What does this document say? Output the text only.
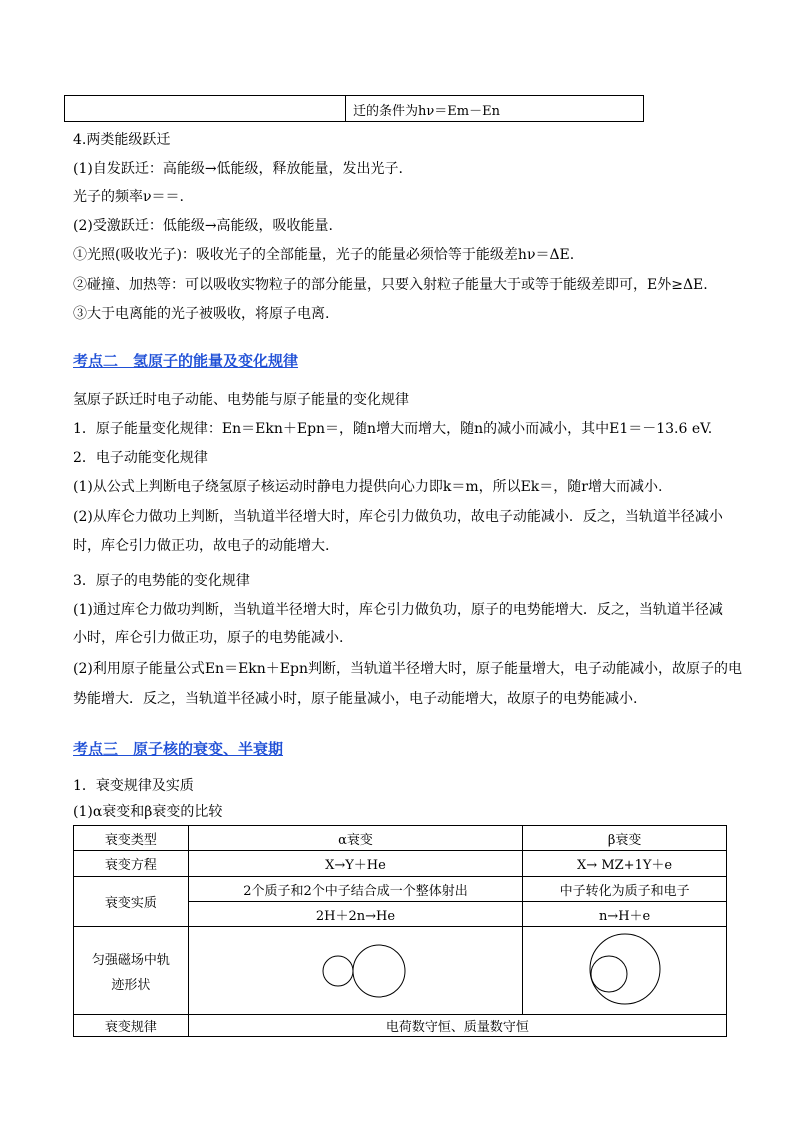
迁的条件为hν＝Em－En
4.两类能级跃迁
(1)自发跃迁：高能级→低能级，释放能量，发出光子.
光子的频率ν＝＝.
(2)受激跃迁：低能级→高能级，吸收能量.
①光照(吸收光子)：吸收光子的全部能量，光子的能量必须恰等于能级差hν＝ΔE.
②碰撞、加热等：可以吸收实物粒子的部分能量，只要入射粒子能量大于或等于能级差即可，E外≥ΔE.
③大于电离能的光子被吸收，将原子电离.
考点二　氢原子的能量及变化规律
氢原子跃迁时电子动能、电势能与原子能量的变化规律
1．原子能量变化规律：En＝Ekn＋Epn＝，随n增大而增大，随n的减小而减小，其中E1＝－13.6 eV.
2．电子动能变化规律
(1)从公式上判断电子绕氢原子核运动时静电力提供向心力即k＝m，所以Ek＝，随r增大而减小.
(2)从库仑力做功上判断，当轨道半径增大时，库仑引力做负功，故电子动能减小．反之，当轨道半径减小
时，库仑引力做正功，故电子的动能增大.
3．原子的电势能的变化规律
(1)通过库仑力做功判断，当轨道半径增大时，库仑引力做负功，原子的电势能增大．反之，当轨道半径减
小时，库仑引力做正功，原子的电势能减小.
(2)利用原子能量公式En＝Ekn＋Epn判断，当轨道半径增大时，原子能量增大，电子动能减小，故原子的电
势能增大．反之，当轨道半径减小时，原子能量减小，电子动能增大，故原子的电势能减小.
考点三　原子核的衰变、半衰期
1．衰变规律及实质
(1)α衰变和β衰变的比较
衰变类型	α衰变	β衰变
衰变方程	X→Y＋He	X→ MZ+1Y＋e
衰变实质	2个质子和2个中子结合成一个整体射出	中子转化为质子和电子
	2H＋2n→He	n→H＋e

匀强磁场中轨
迹形状

衰变规律	电荷数守恒、质量数守恒	
